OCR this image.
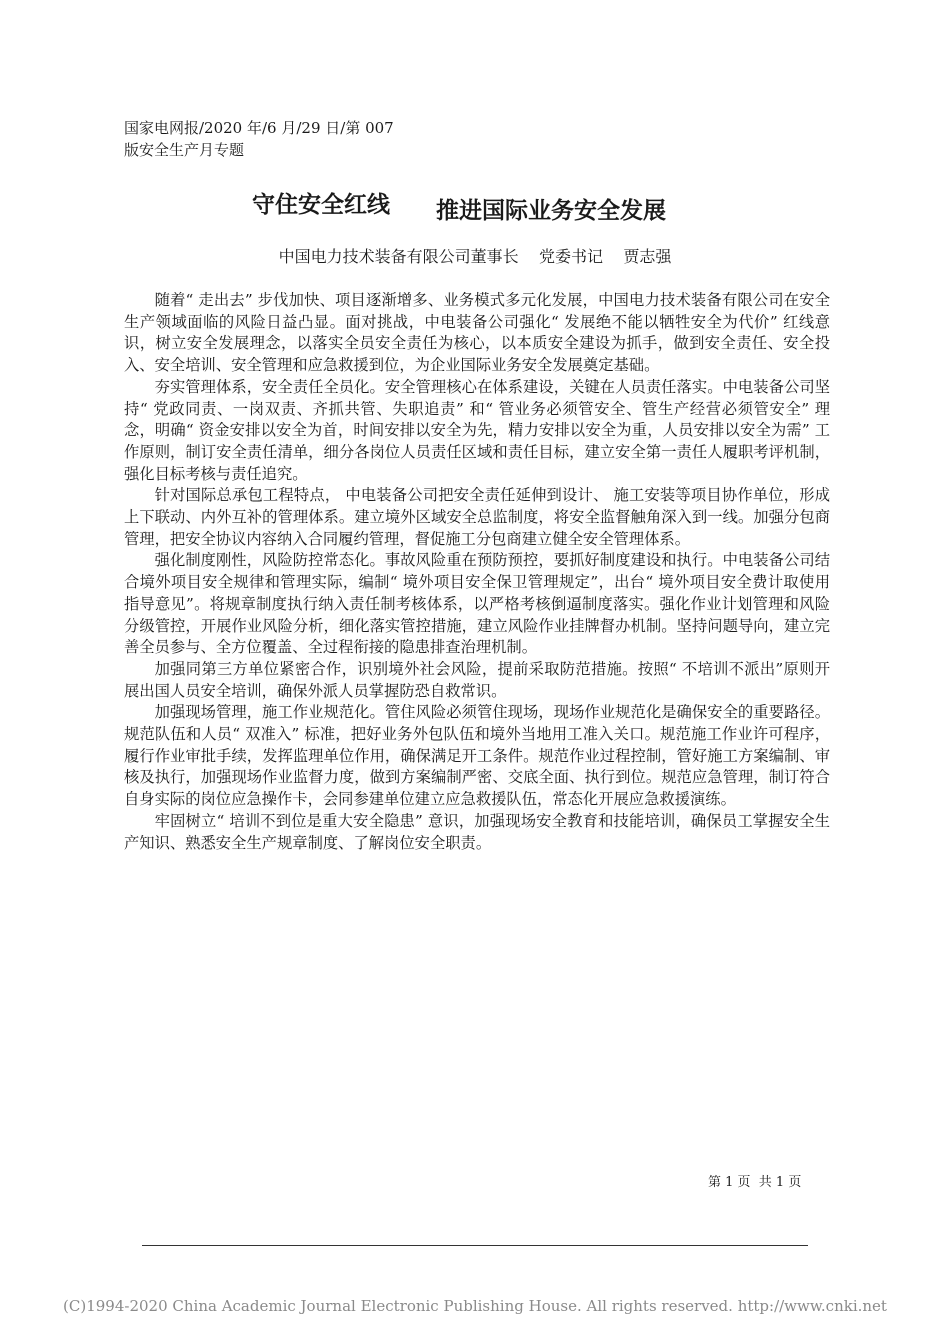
国家电网报/2020 年/6 月/29 日/第 007
版安全生产月专题
守住安全红线 推进国际业务安全发展
中国电力技术装备有限公司董事长    党委书记    贾志强

随着“ 走出去” 步伐加快、项目逐渐增多、业务模式多元化发展，中国电力技术装备有限公司在安全生产领域面临的风险日益凸显。面对挑战，中电装备公司强化“ 发展绝不能以牺牲安全为代价” 红线意识，树立安全发展理念，以落实全员安全责任为核心，以本质安全建设为抓手，做到安全责任、安全投入、安全培训、安全管理和应急救援到位，为企业国际业务安全发展奠定基础。

夯实管理体系，安全责任全员化。安全管理核心在体系建设，关键在人员责任落实。中电装备公司坚持“ 党政同责、一岗双责、齐抓共管、失职追责” 和“ 管业务必须管安全、管生产经营必须管安全” 理念，明确“ 资金安排以安全为首，时间安排以安全为先，精力安排以安全为重，人员安排以安全为需” 工作原则，制订安全责任清单，细分各岗位人员责任区域和责任目标，建立安全第一责任人履职考评机制，强化目标考核与责任追究。

针对国际总承包工程特点， 中电装备公司把安全责任延伸到设计、 施工安装等项目协作单位，形成上下联动、内外互补的管理体系。建立境外区域安全总监制度，将安全监督触角深入到一线。加强分包商管理，把安全协议内容纳入合同履约管理，督促施工分包商建立健全安全管理体系。

强化制度刚性，风险防控常态化。事故风险重在预防预控，要抓好制度建设和执行。中电装备公司结合境外项目安全规律和管理实际，编制“ 境外项目安全保卫管理规定”，出台“ 境外项目安全费计取使用指导意见”。将规章制度执行纳入责任制考核体系，以严格考核倒逼制度落实。强化作业计划管理和风险分级管控，开展作业风险分析，细化落实管控措施，建立风险作业挂牌督办机制。坚持问题导向，建立完善全员参与、全方位覆盖、全过程衔接的隐患排查治理机制。

加强同第三方单位紧密合作，识别境外社会风险，提前采取防范措施。按照“ 不培训不派出”原则开展出国人员安全培训，确保外派人员掌握防恐自救常识。

加强现场管理，施工作业规范化。管住风险必须管住现场，现场作业规范化是确保安全的重要路径。规范队伍和人员“ 双准入” 标准，把好业务外包队伍和境外当地用工准入关口。规范施工作业许可程序，履行作业审批手续，发挥监理单位作用，确保满足开工条件。规范作业过程控制，管好施工方案编制、审核及执行，加强现场作业监督力度，做到方案编制严密、交底全面、执行到位。规范应急管理，制订符合自身实际的岗位应急操作卡，会同参建单位建立应急救援队伍，常态化开展应急救援演练。

牢固树立“ 培训不到位是重大安全隐患” 意识，加强现场安全教育和技能培训，确保员工掌握安全生产知识、熟悉安全生产规章制度、了解岗位安全职责。

第 1 页  共 1 页
(C)1994-2020 China Academic Journal Electronic Publishing House. All rights reserved. http://www.cnki.net
